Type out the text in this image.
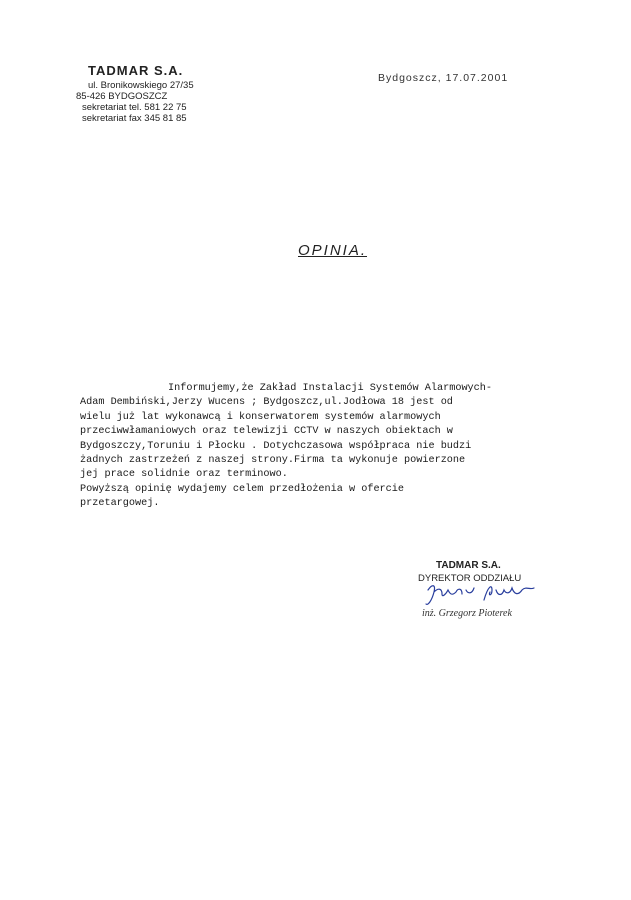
TADMAR S.A.
ul. Bronikowskiego 27/35
85-426 BYDGOSZCZ
sekretariat tel. 581 22 75
sekretariat fax 345 81 85
Bydgoszcz, 17.07.2001
OPINIA.
Informujemy,że Zakład Instalacji Systemów Alarmowych-
Adam Dembiński,Jerzy Wucens ; Bydgoszcz,ul.Jodłowa 18 jest od
wielu już lat wykonawcą i konserwatorem systemów alarmowych
przeciwwłamaniowych oraz telewizji CCTV w naszych obiektach w
Bydgoszczy,Toruniu i Płocku . Dotychczasowa współpraca nie budzi
żadnych zastrzeżeń z naszej strony.Firma ta wykonuje powierzone
jej prace solidnie oraz terminowo.
Powyższą opinię wydajemy celem przedłożenia w ofercie
przetargowej.
TADMAR S.A.
DYREKTOR ODDZIAŁU
inż. Grzegorz Pioterek
